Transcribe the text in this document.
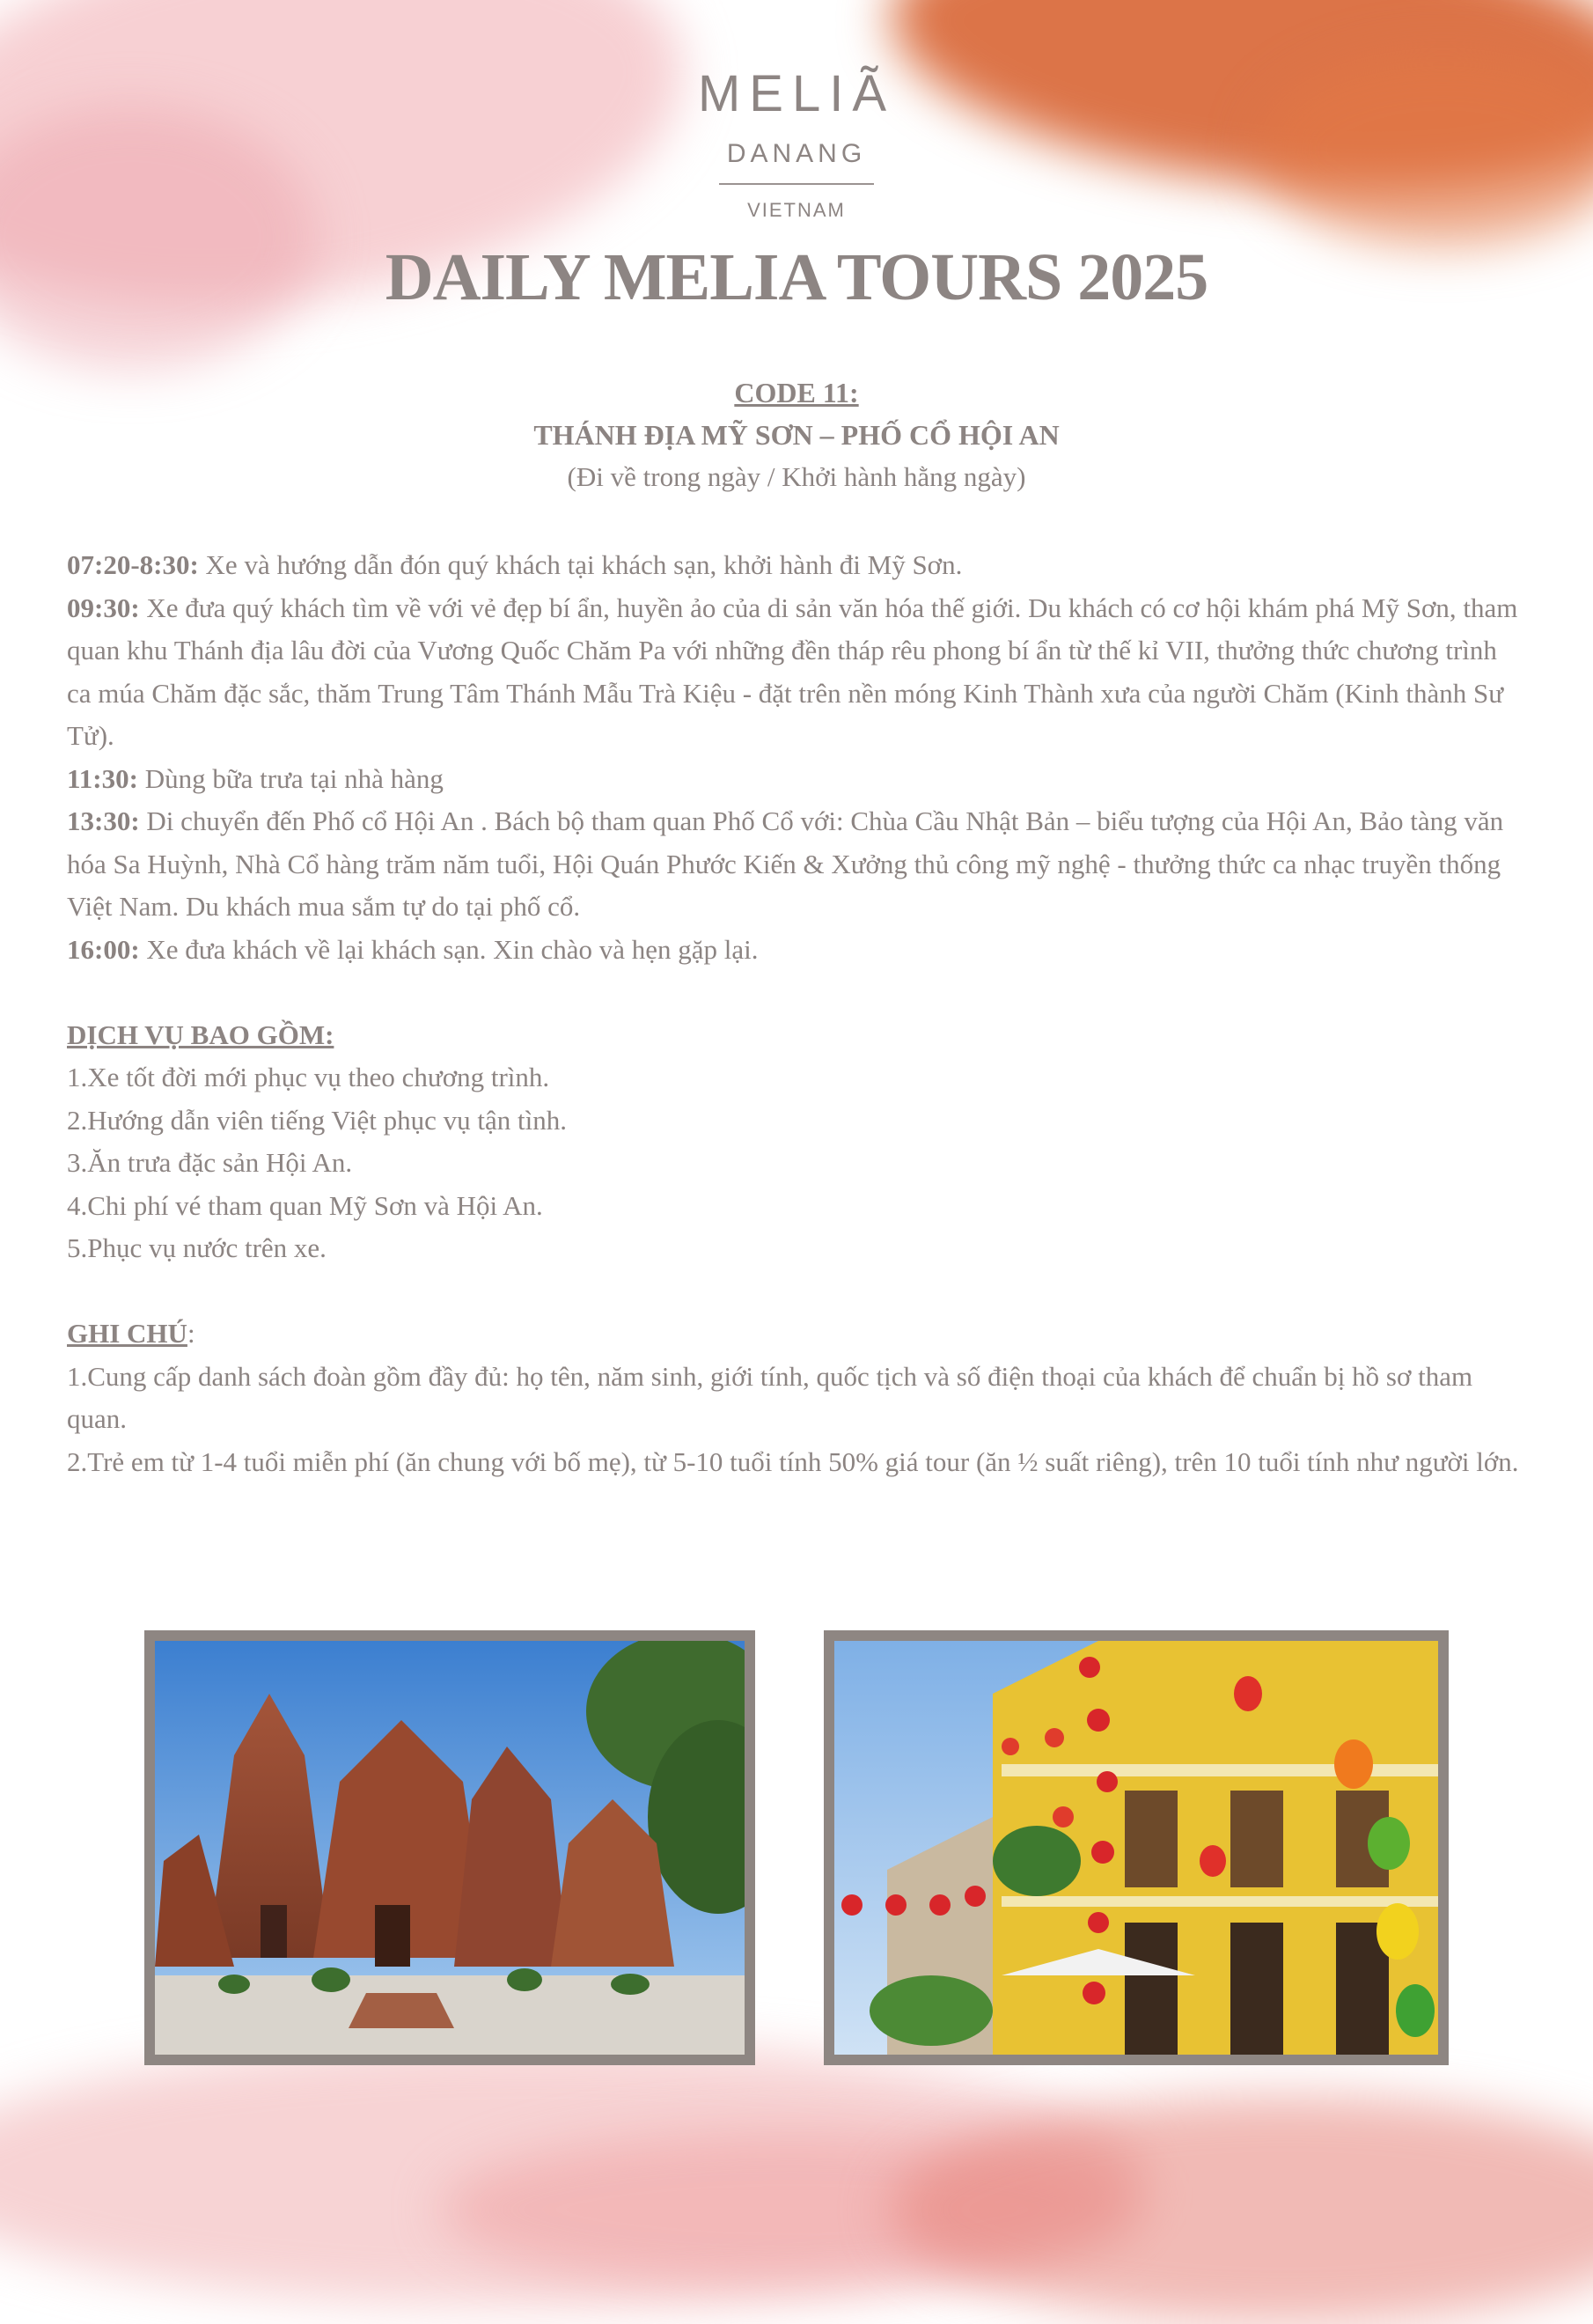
MELIÃ
DANANG
VIETNAM
DAILY MELIA TOURS 2025
CODE 11:
THÁNH ĐỊA MỸ SƠN – PHỐ CỔ HỘI AN
(Đi về trong ngày / Khởi hành hằng ngày)

07:20-8:30: Xe và hướng dẫn đón quý khách tại khách sạn, khởi hành đi Mỹ Sơn.

09:30: Xe đưa quý khách tìm về với vẻ đẹp bí ẩn, huyền ảo của di sản văn hóa thế giới. Du khách có cơ hội khám phá Mỹ Sơn, tham quan khu Thánh địa lâu đời của Vương Quốc Chăm Pa với những đền tháp rêu phong bí ẩn từ thế kỉ VII, thưởng thức chương trình ca múa Chăm đặc sắc, thăm Trung Tâm Thánh Mẫu Trà Kiệu - đặt trên nền móng Kinh Thành xưa của người Chăm (Kinh thành Sư Tử).

11:30: Dùng bữa trưa tại nhà hàng

13:30: Di chuyển đến Phố cổ Hội An . Bách bộ tham quan Phố Cổ với: Chùa Cầu Nhật Bản – biểu tượng của Hội An, Bảo tàng văn hóa Sa Huỳnh, Nhà Cổ hàng trăm năm tuổi, Hội Quán Phước Kiến & Xưởng thủ công mỹ nghệ - thưởng thức ca nhạc truyền thống Việt Nam. Du khách mua sắm tự do tại phố cổ.

16:00: Xe đưa khách về lại khách sạn. Xin chào và hẹn gặp lại.

DỊCH VỤ BAO GỒM:

1.Xe tốt đời mới phục vụ theo chương trình.

2.Hướng dẫn viên tiếng Việt phục vụ tận tình.

3.Ăn trưa đặc sản Hội An.

4.Chi phí vé tham quan Mỹ Sơn và Hội An.

5.Phục vụ nước trên xe.

GHI CHÚ:

1.Cung cấp danh sách đoàn gồm đầy đủ: họ tên, năm sinh, giới tính, quốc tịch và số điện thoại của khách để chuẩn bị hồ sơ tham quan.

2.Trẻ em từ 1-4 tuổi miễn phí (ăn chung với bố mẹ), từ 5-10 tuổi tính 50% giá tour (ăn ½ suất riêng), trên 10 tuổi tính như người lớn.
